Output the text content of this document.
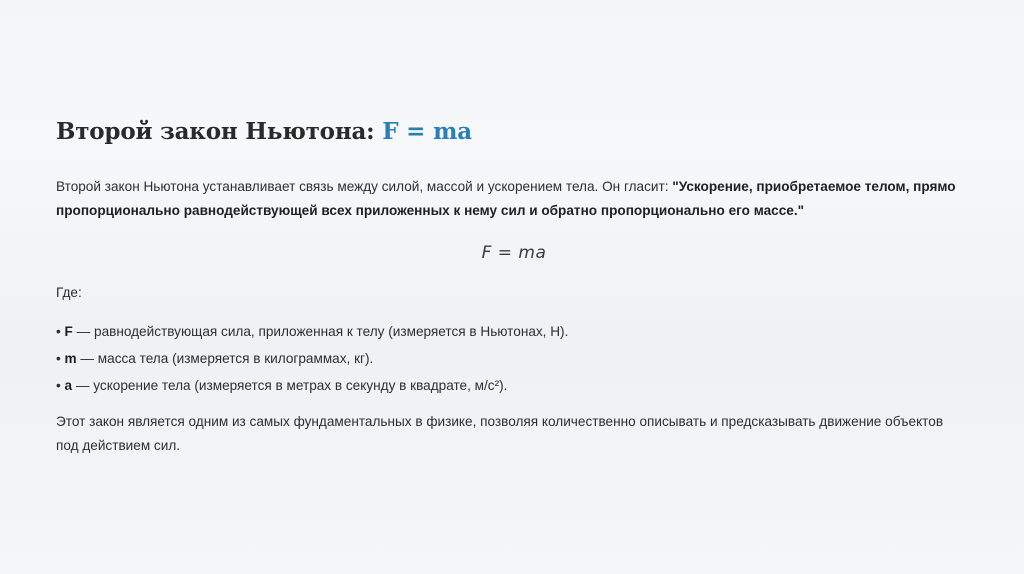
Второй закон Ньютона: F = ma

Второй закон Ньютона устанавливает связь между силой, массой и ускорением тела. Он гласит: "Ускорение, приобретаемое телом, прямо пропорционально равнодействующей всех приложенных к нему сил и обратно пропорционально его массе."

F = ma

Где:

• F — равнодействующая сила, приложенная к телу (измеряется в Ньютонах, Н).
• m — масса тела (измеряется в килограммах, кг).
• a — ускорение тела (измеряется в метрах в секунду в квадрате, м/с²).

Этот закон является одним из самых фундаментальных в физике, позволяя количественно описывать и предсказывать движение объектов под действием сил.
